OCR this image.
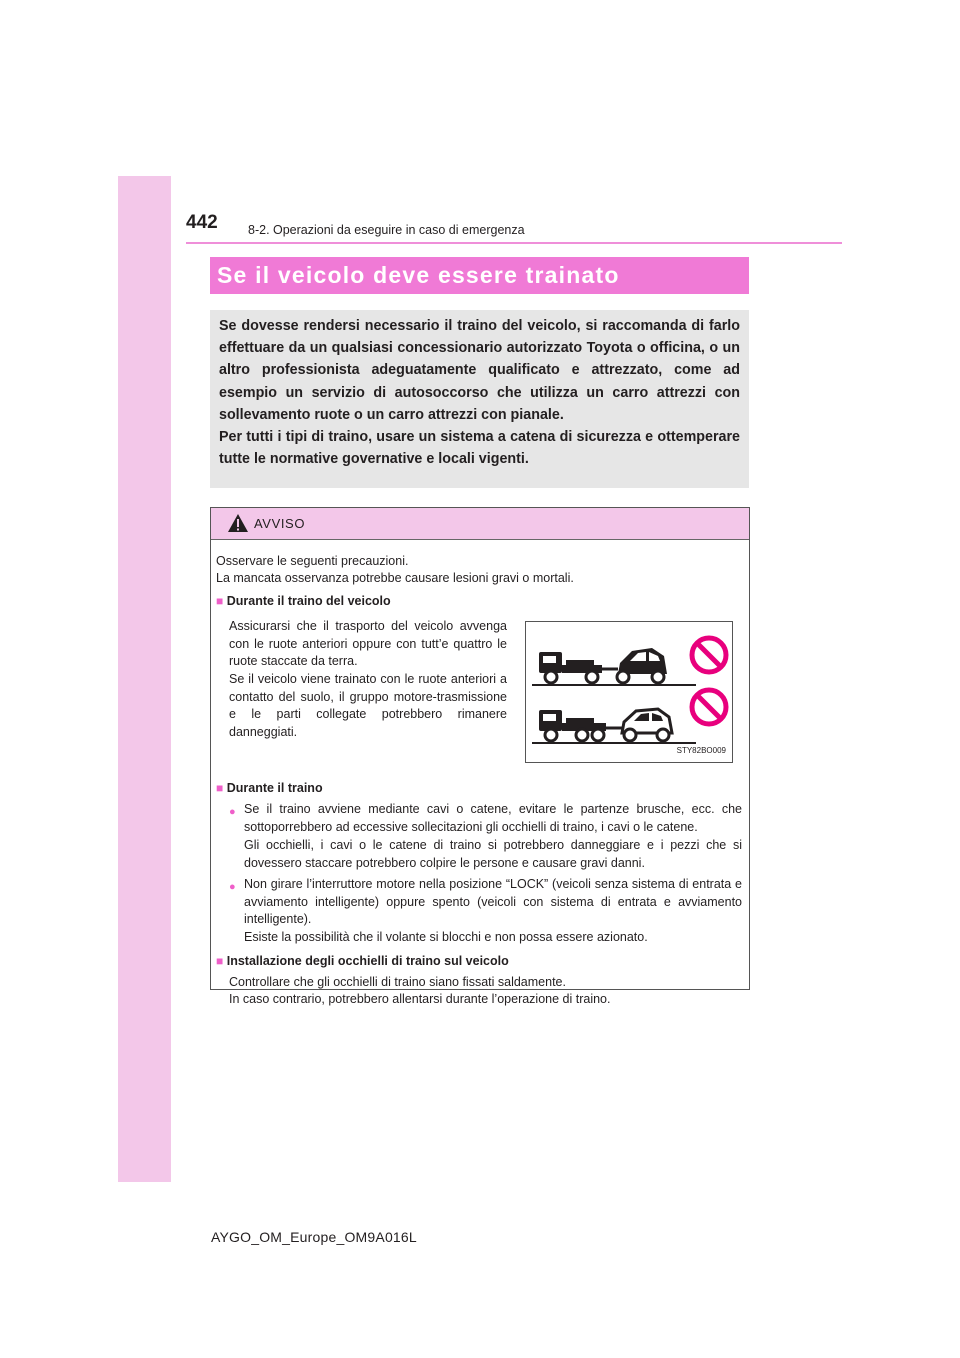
442 8-2. Operazioni da eseguire in caso di emergenza
Se il veicolo deve essere trainato

Se dovesse rendersi necessario il traino del veicolo, si raccomanda di farlo effettuare da un qualsiasi concessionario autorizzato Toyota o officina, o un altro professionista adeguatamente qualificato e attrezzato, come ad esempio un servizio di autosoccorso che utilizza un carro attrezzi con sollevamento ruote o un carro attrezzi con pianale.

Per tutti i tipi di traino, usare un sistema a catena di sicurezza e ottemperare tutte le normative governative e locali vigenti.

AVVISO
Osservare le seguenti precauzioni.
La mancata osservanza potrebbe causare lesioni gravi o mortali.
■ Durante il traino del veicolo
Assicurarsi che il trasporto del veicolo avvenga con le ruote anteriori oppure con tutt’e quattro le ruote staccate da terra.
Se il veicolo viene trainato con le ruote anteriori a contatto del suolo, il gruppo motore-trasmissione e le parti collegate potrebbero rimanere danneggiati.
STY82BO009
■ Durante il traino
● Se il traino avviene mediante cavi o catene, evitare le partenze brusche, ecc. che sottoporrebbero ad eccessive sollecitazioni gli occhielli di traino, i cavi o le catene.
Gli occhielli, i cavi o le catene di traino si potrebbero danneggiare e i pezzi che si dovessero staccare potrebbero colpire le persone e causare gravi danni.
● Non girare l’interruttore motore nella posizione “LOCK” (veicoli senza sistema di entrata e avviamento intelligente) oppure spento (veicoli con sistema di entrata e avviamento intelligente).
Esiste la possibilità che il volante si blocchi e non possa essere azionato.
■ Installazione degli occhielli di traino sul veicolo
Controllare che gli occhielli di traino siano fissati saldamente.
In caso contrario, potrebbero allentarsi durante l’operazione di traino.
AYGO_OM_Europe_OM9A016L
